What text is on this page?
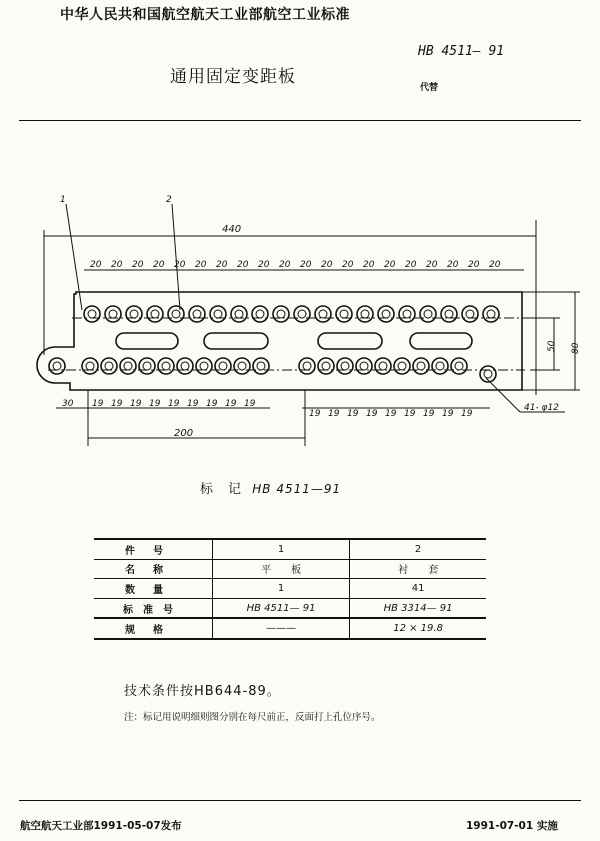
中华人民共和国航空航天工业部航空工业标准
通用固定变距板
HB 4511— 91
代替
1	2
440
20 20 20 20 20 20 20 20 20 20 20 20 20 20 20 20 20 20 20 20
30 19 19 19 19 19 19 19 19 19
19 19 19 19 19 19 19 19 19
200
50 80
41- φ12
标　记 HB 4511—91
件号	1	2
名称	平　　板	衬　　套
数量	1	41
标准号	HB 4511— 91	HB 3314— 91
规格	———	12 × 19.8
技术条件按HB644-89。
注：标记用说明细则图分别在每尺前正，反面打上孔位序号。
航空航天工业部1991-05-07发布	1991-07-01 实施
